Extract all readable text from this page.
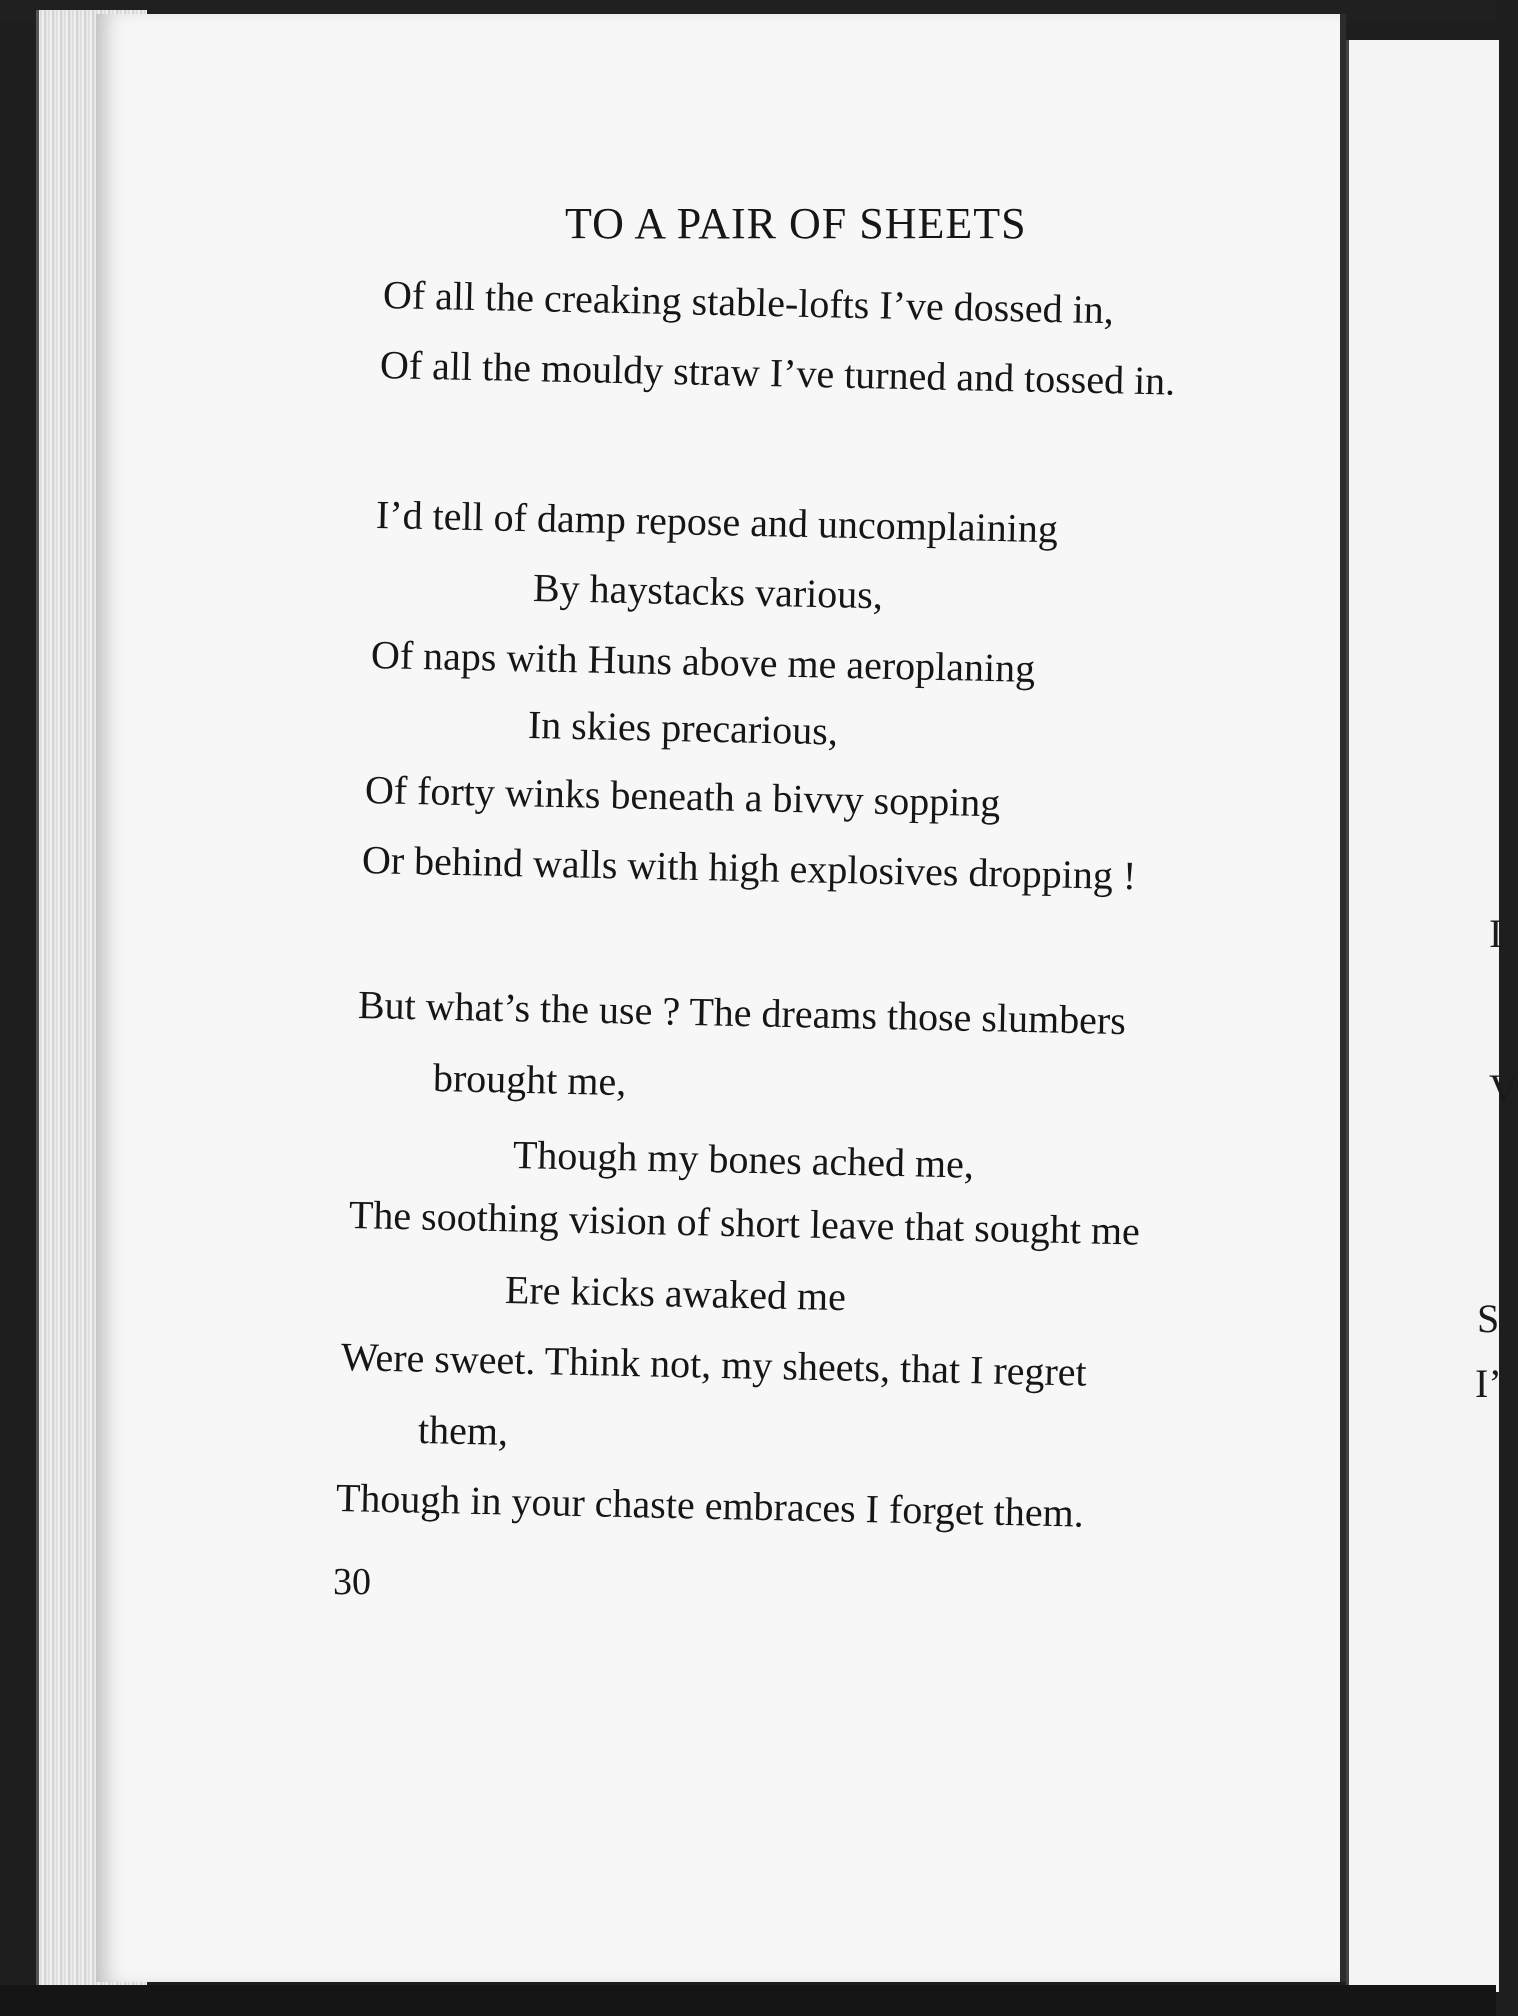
I
V
S
I’
TO A PAIR OF SHEETS
Of all the creaking stable-lofts I’ve dossed in,
Of all the mouldy straw I’ve turned and tossed in.
I’d tell of damp repose and uncomplaining
By haystacks various,
Of naps with Huns above me aeroplaning
In skies precarious,
Of forty winks beneath a bivvy sopping
Or behind walls with high explosives dropping !
But what’s the use ? The dreams those slumbers
brought me,
Though my bones ached me,
The soothing vision of short leave that sought me
Ere kicks awaked me
Were sweet. Think not, my sheets, that I regret
them,
Though in your chaste embraces I forget them.
30
